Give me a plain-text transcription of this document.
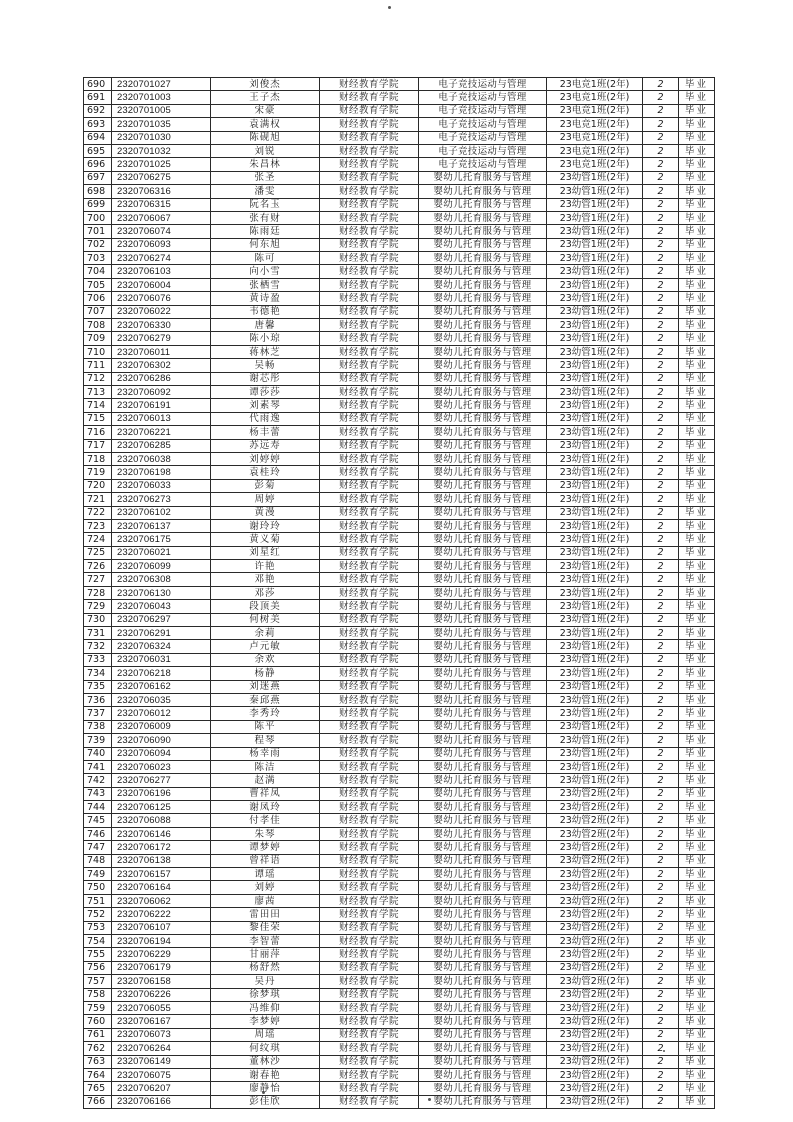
690	2320701027	刘俊杰	财经教育学院	电子竞技运动与管理	23电竞1班(2年)	2	毕业
691	2320701003	王子杰	财经教育学院	电子竞技运动与管理	23电竞1班(2年)	2	毕业
692	2320701005	宋豪	财经教育学院	电子竞技运动与管理	23电竞1班(2年)	2	毕业
693	2320701035	袁满权	财经教育学院	电子竞技运动与管理	23电竞1班(2年)	2	毕业
694	2320701030	陈砚旭	财经教育学院	电子竞技运动与管理	23电竞1班(2年)	2	毕业
695	2320701032	刘锐	财经教育学院	电子竞技运动与管理	23电竞1班(2年)	2	毕业
696	2320701025	朱昌林	财经教育学院	电子竞技运动与管理	23电竞1班(2年)	2	毕业
697	2320706275	张圣	财经教育学院	婴幼儿托育服务与管理	23幼管1班(2年)	2	毕业
698	2320706316	潘雯	财经教育学院	婴幼儿托育服务与管理	23幼管1班(2年)	2	毕业
699	2320706315	阮名玉	财经教育学院	婴幼儿托育服务与管理	23幼管1班(2年)	2	毕业
700	2320706067	张有财	财经教育学院	婴幼儿托育服务与管理	23幼管1班(2年)	2	毕业
701	2320706074	陈雨廷	财经教育学院	婴幼儿托育服务与管理	23幼管1班(2年)	2	毕业
702	2320706093	何东旭	财经教育学院	婴幼儿托育服务与管理	23幼管1班(2年)	2	毕业
703	2320706274	陈可	财经教育学院	婴幼儿托育服务与管理	23幼管1班(2年)	2	毕业
704	2320706103	向小雪	财经教育学院	婴幼儿托育服务与管理	23幼管1班(2年)	2	毕业
705	2320706004	张栖雪	财经教育学院	婴幼儿托育服务与管理	23幼管1班(2年)	2	毕业
706	2320706076	黄诗盈	财经教育学院	婴幼儿托育服务与管理	23幼管1班(2年)	2	毕业
707	2320706022	韦德艳	财经教育学院	婴幼儿托育服务与管理	23幼管1班(2年)	2	毕业
708	2320706330	唐馨	财经教育学院	婴幼儿托育服务与管理	23幼管1班(2年)	2	毕业
709	2320706279	陈小琼	财经教育学院	婴幼儿托育服务与管理	23幼管1班(2年)	2	毕业
710	2320706011	蒋林芝	财经教育学院	婴幼儿托育服务与管理	23幼管1班(2年)	2	毕业
711	2320706302	吴畅	财经教育学院	婴幼儿托育服务与管理	23幼管1班(2年)	2	毕业
712	2320706286	谢芯彤	财经教育学院	婴幼儿托育服务与管理	23幼管1班(2年)	2	毕业
713	2320706092	谭莎莎	财经教育学院	婴幼儿托育服务与管理	23幼管1班(2年)	2	毕业
714	2320706191	刘素琴	财经教育学院	婴幼儿托育服务与管理	23幼管1班(2年)	2	毕业
715	2320706013	代雨逸	财经教育学院	婴幼儿托育服务与管理	23幼管1班(2年)	2	毕业
716	2320706221	杨丰蕾	财经教育学院	婴幼儿托育服务与管理	23幼管1班(2年)	2	毕业
717	2320706285	苏远寿	财经教育学院	婴幼儿托育服务与管理	23幼管1班(2年)	2	毕业
718	2320706038	刘婷婷	财经教育学院	婴幼儿托育服务与管理	23幼管1班(2年)	2	毕业
719	2320706198	袁桂玲	财经教育学院	婴幼儿托育服务与管理	23幼管1班(2年)	2	毕业
720	2320706033	彭菊	财经教育学院	婴幼儿托育服务与管理	23幼管1班(2年)	2	毕业
721	2320706273	周婷	财经教育学院	婴幼儿托育服务与管理	23幼管1班(2年)	2	毕业
722	2320706102	黄漫	财经教育学院	婴幼儿托育服务与管理	23幼管1班(2年)	2	毕业
723	2320706137	谢玲玲	财经教育学院	婴幼儿托育服务与管理	23幼管1班(2年)	2	毕业
724	2320706175	黄义菊	财经教育学院	婴幼儿托育服务与管理	23幼管1班(2年)	2	毕业
725	2320706021	刘星红	财经教育学院	婴幼儿托育服务与管理	23幼管1班(2年)	2	毕业
726	2320706099	许艳	财经教育学院	婴幼儿托育服务与管理	23幼管1班(2年)	2	毕业
727	2320706308	邓艳	财经教育学院	婴幼儿托育服务与管理	23幼管1班(2年)	2	毕业
728	2320706130	邓莎	财经教育学院	婴幼儿托育服务与管理	23幼管1班(2年)	2	毕业
729	2320706043	段顶美	财经教育学院	婴幼儿托育服务与管理	23幼管1班(2年)	2	毕业
730	2320706297	何树美	财经教育学院	婴幼儿托育服务与管理	23幼管1班(2年)	2	毕业
731	2320706291	余莉	财经教育学院	婴幼儿托育服务与管理	23幼管1班(2年)	2	毕业
732	2320706324	卢元敏	财经教育学院	婴幼儿托育服务与管理	23幼管1班(2年)	2	毕业
733	2320706031	余欢	财经教育学院	婴幼儿托育服务与管理	23幼管1班(2年)	2	毕业
734	2320706218	杨静	财经教育学院	婴幼儿托育服务与管理	23幼管1班(2年)	2	毕业
735	2320706162	刘迷燕	财经教育学院	婴幼儿托育服务与管理	23幼管1班(2年)	2	毕业
736	2320706035	秦邱燕	财经教育学院	婴幼儿托育服务与管理	23幼管1班(2年)	2	毕业
737	2320706012	李秀玲	财经教育学院	婴幼儿托育服务与管理	23幼管1班(2年)	2	毕业
738	2320706009	陈平	财经教育学院	婴幼儿托育服务与管理	23幼管1班(2年)	2	毕业
739	2320706090	程琴	财经教育学院	婴幼儿托育服务与管理	23幼管1班(2年)	2	毕业
740	2320706094	杨幸雨	财经教育学院	婴幼儿托育服务与管理	23幼管1班(2年)	2	毕业
741	2320706023	陈洁	财经教育学院	婴幼儿托育服务与管理	23幼管1班(2年)	2	毕业
742	2320706277	赵满	财经教育学院	婴幼儿托育服务与管理	23幼管1班(2年)	2	毕业
743	2320706196	曹祥凤	财经教育学院	婴幼儿托育服务与管理	23幼管2班(2年)	2	毕业
744	2320706125	谢凤玲	财经教育学院	婴幼儿托育服务与管理	23幼管2班(2年)	2	毕业
745	2320706088	付孝佳	财经教育学院	婴幼儿托育服务与管理	23幼管2班(2年)	2	毕业
746	2320706146	朱琴	财经教育学院	婴幼儿托育服务与管理	23幼管2班(2年)	2	毕业
747	2320706172	谭梦婷	财经教育学院	婴幼儿托育服务与管理	23幼管2班(2年)	2	毕业
748	2320706138	曾祥语	财经教育学院	婴幼儿托育服务与管理	23幼管2班(2年)	2	毕业
749	2320706157	谭瑶	财经教育学院	婴幼儿托育服务与管理	23幼管2班(2年)	2	毕业
750	2320706164	刘婷	财经教育学院	婴幼儿托育服务与管理	23幼管2班(2年)	2	毕业
751	2320706062	廖茜	财经教育学院	婴幼儿托育服务与管理	23幼管2班(2年)	2	毕业
752	2320706222	雷田田	财经教育学院	婴幼儿托育服务与管理	23幼管2班(2年)	2	毕业
753	2320706107	黎佳荣	财经教育学院	婴幼儿托育服务与管理	23幼管2班(2年)	2	毕业
754	2320706194	李智蕾	财经教育学院	婴幼儿托育服务与管理	23幼管2班(2年)	2	毕业
755	2320706229	甘丽萍	财经教育学院	婴幼儿托育服务与管理	23幼管2班(2年)	2	毕业
756	2320706179	杨舒然	财经教育学院	婴幼儿托育服务与管理	23幼管2班(2年)	2	毕业
757	2320706158	吴丹	财经教育学院	婴幼儿托育服务与管理	23幼管2班(2年)	2	毕业
758	2320706226	徐梦琪	财经教育学院	婴幼儿托育服务与管理	23幼管2班(2年)	2	毕业
759	2320706055	冯维仰	财经教育学院	婴幼儿托育服务与管理	23幼管2班(2年)	2	毕业
760	2320706167	李梦婷	财经教育学院	婴幼儿托育服务与管理	23幼管2班(2年)	2	毕业
761	2320706073	周瑶	财经教育学院	婴幼儿托育服务与管理	23幼管2班(2年)	2	毕业
762	2320706264	何纹琪	财经教育学院	婴幼儿托育服务与管理	23幼管2班(2年)	2	毕业
763	2320706149	董林沙	财经教育学院	婴幼儿托育服务与管理	23幼管2班(2年)	2	毕业
764	2320706075	谢春艳	财经教育学院	婴幼儿托育服务与管理	23幼管2班(2年)	2	毕业
765	2320706207	廖静怡	财经教育学院	婴幼儿托育服务与管理	23幼管2班(2年)	2	毕业
766	2320706166	彭佳欣	财经教育学院	婴幼儿托育服务与管理	23幼管2班(2年)	2	毕业
